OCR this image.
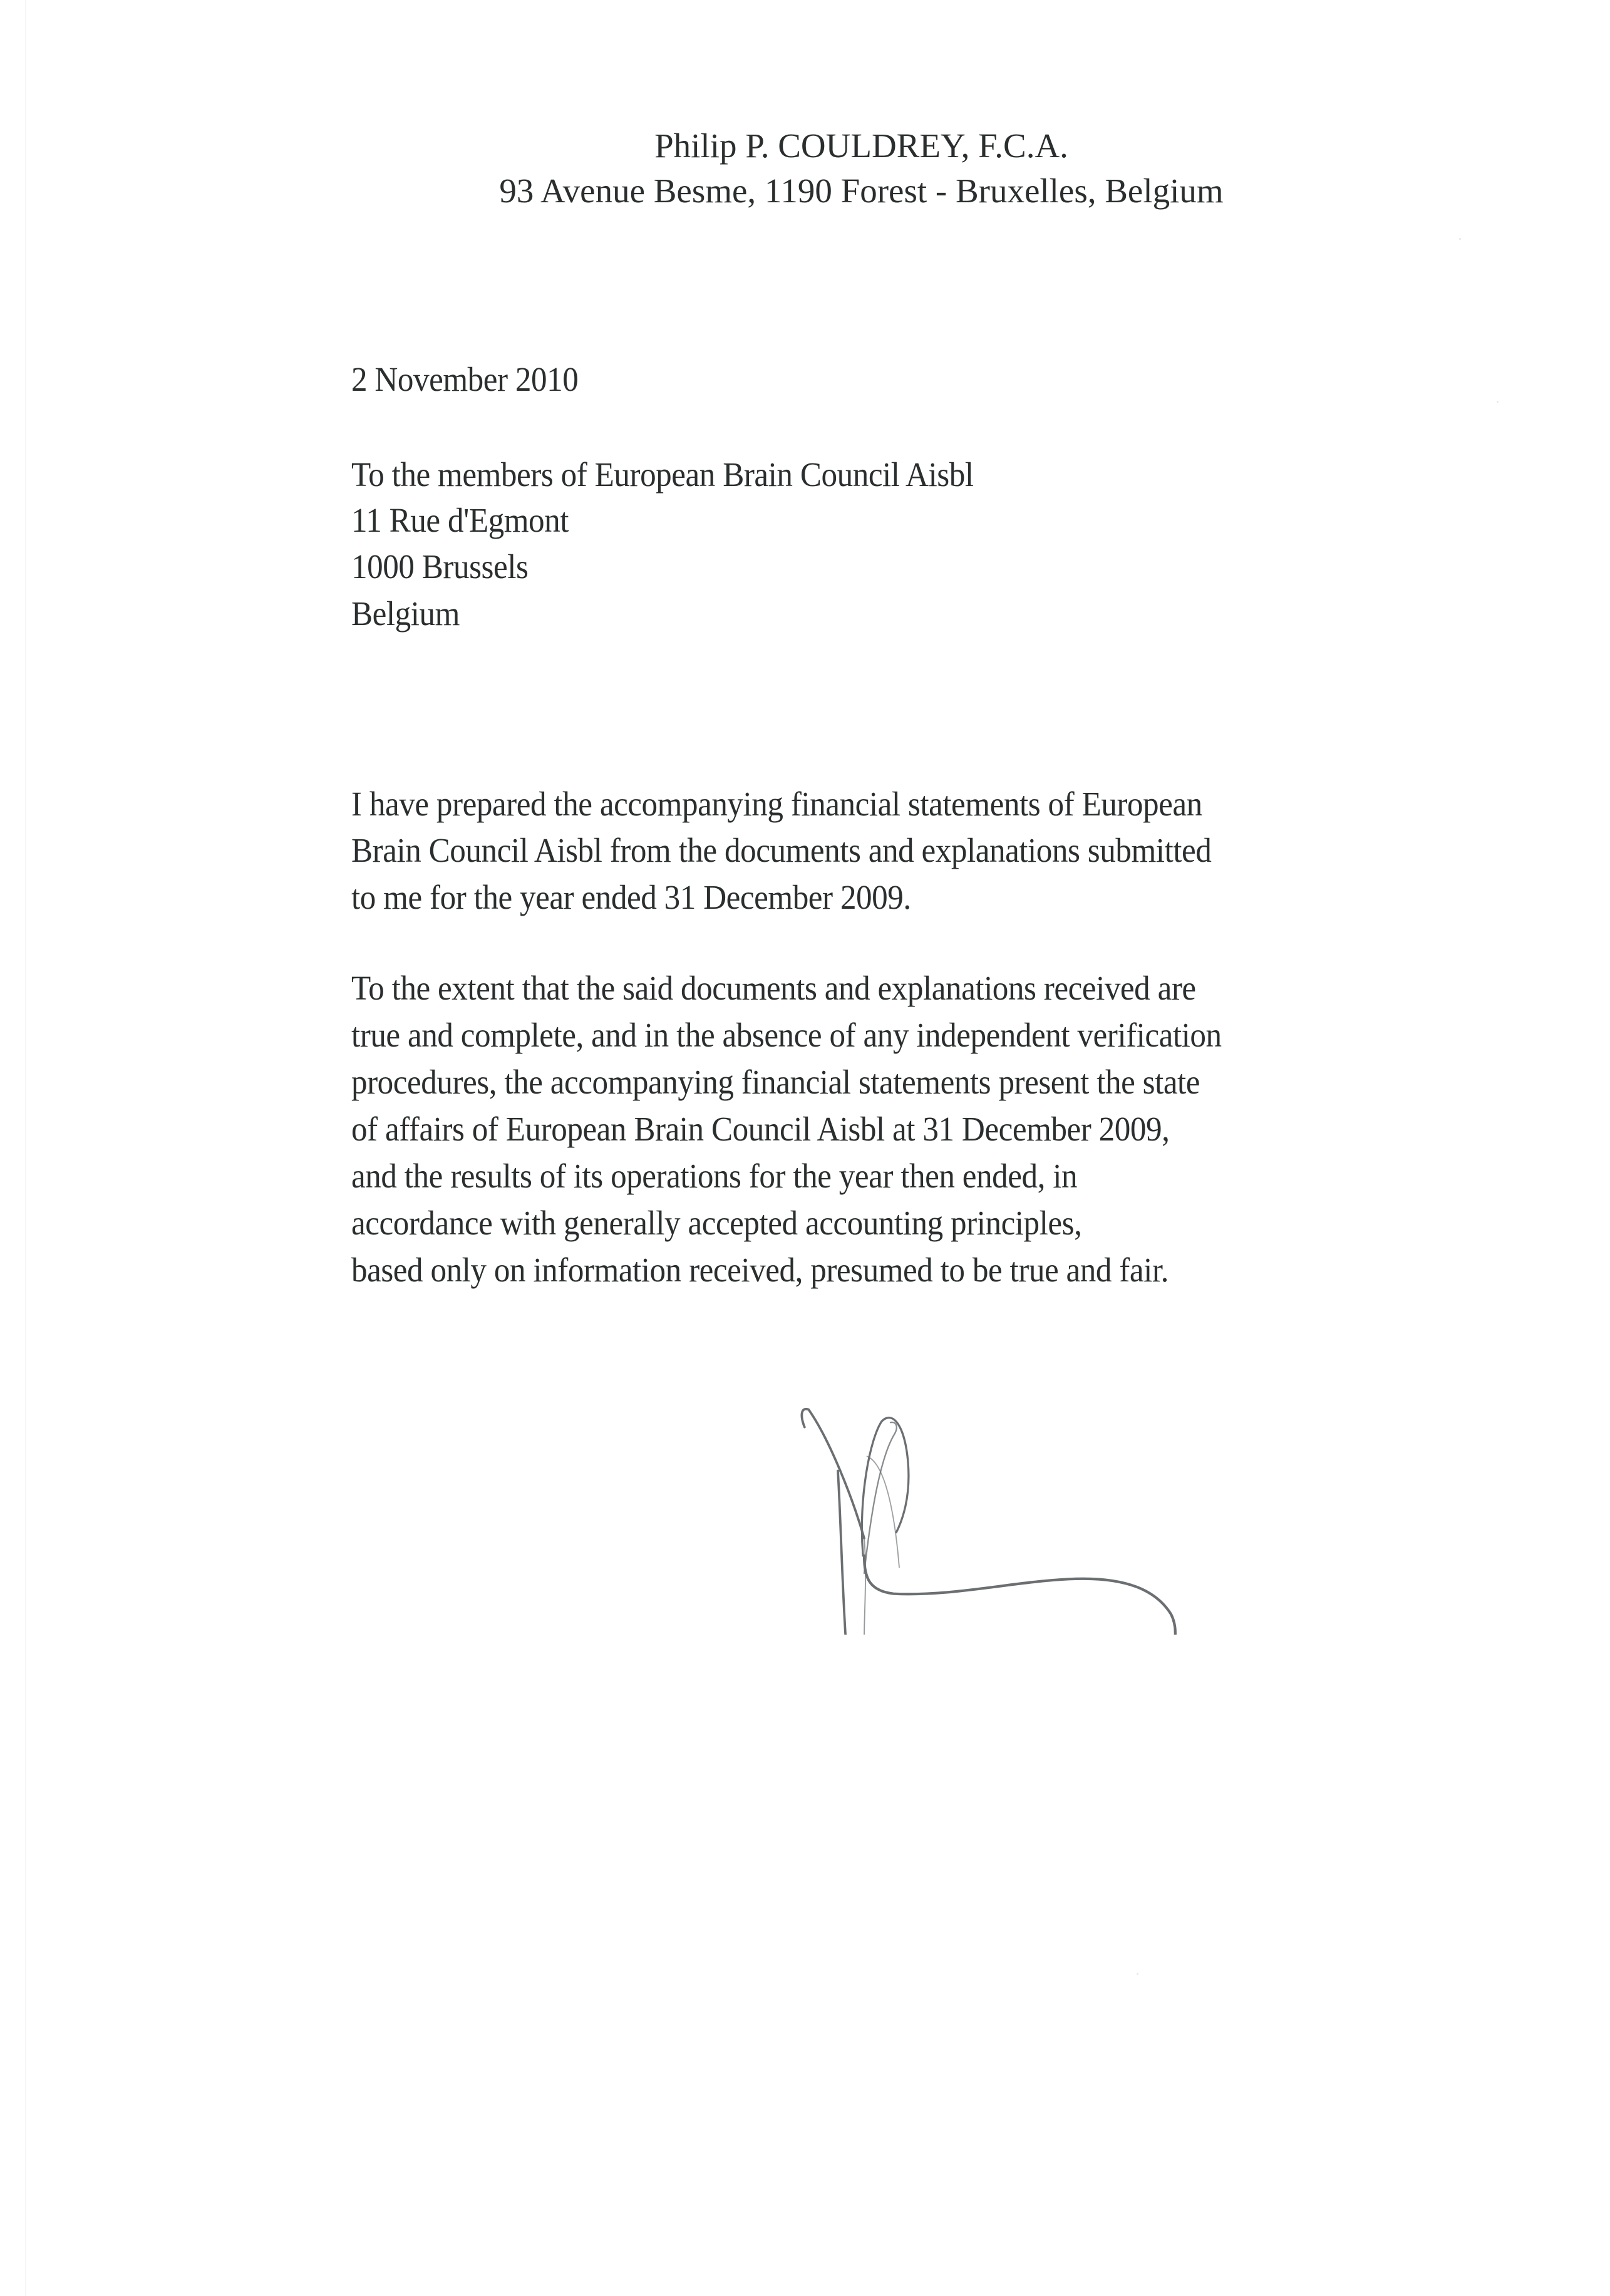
Philip P. COULDREY, F.C.A.
93 Avenue Besme, 1190 Forest - Bruxelles, Belgium
2 November 2010
To the members of European Brain Council Aisbl
11 Rue d'Egmont
1000 Brussels
Belgium
I have prepared the accompanying financial statements of European
Brain Council Aisbl from the documents and explanations submitted
to me for the year ended 31 December 2009.
To the extent that the said documents and explanations received are
true and complete, and in the absence of any independent verification
procedures, the accompanying financial statements present the state
of affairs of European Brain Council Aisbl at 31 December 2009,
and the results of its operations for the year then ended, in
accordance with generally accepted accounting principles,
based only on information received, presumed to be true and fair.
